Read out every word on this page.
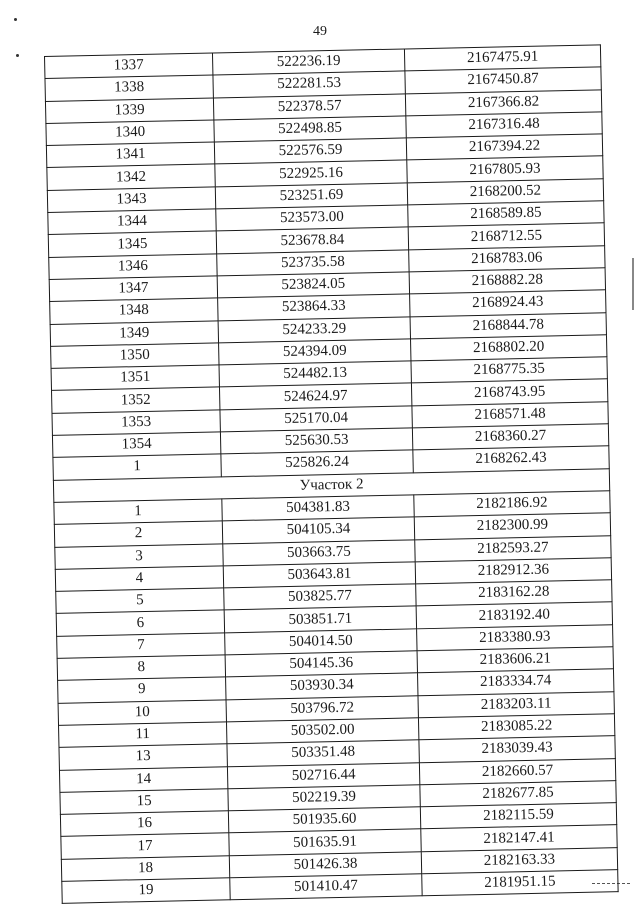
49
1337	522236.19	2167475.91
1338	522281.53	2167450.87
1339	522378.57	2167366.82
1340	522498.85	2167316.48
1341	522576.59	2167394.22
1342	522925.16	2167805.93
1343	523251.69	2168200.52
1344	523573.00	2168589.85
1345	523678.84	2168712.55
1346	523735.58	2168783.06
1347	523824.05	2168882.28
1348	523864.33	2168924.43
1349	524233.29	2168844.78
1350	524394.09	2168802.20
1351	524482.13	2168775.35
1352	524624.97	2168743.95
1353	525170.04	2168571.48
1354	525630.53	2168360.27
1	525826.24	2168262.43
Участок 2		
1	504381.83	2182186.92
2	504105.34	2182300.99
3	503663.75	2182593.27
4	503643.81	2182912.36
5	503825.77	2183162.28
6	503851.71	2183192.40
7	504014.50	2183380.93
8	504145.36	2183606.21
9	503930.34	2183334.74
10	503796.72	2183203.11
11	503502.00	2183085.22
13	503351.48	2183039.43
14	502716.44	2182660.57
15	502219.39	2182677.85
16	501935.60	2182115.59
17	501635.91	2182147.41
18	501426.38	2182163.33
19	501410.47	2181951.15
